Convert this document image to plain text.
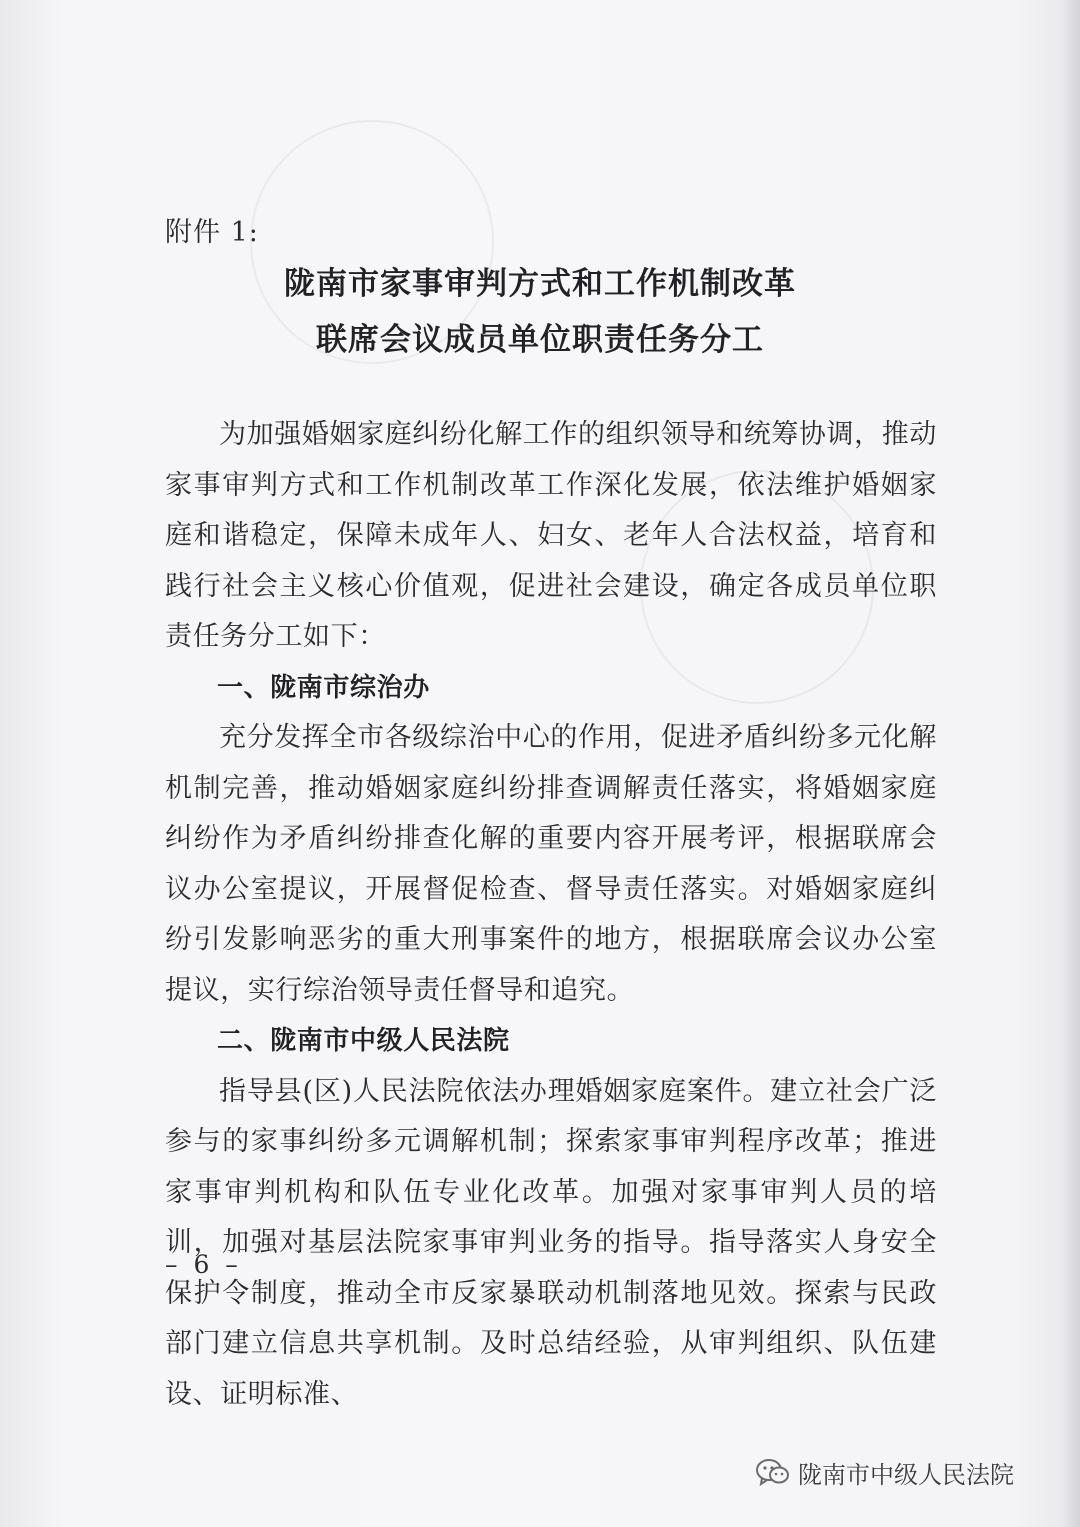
附件 1:
陇南市家事审判方式和工作机制改革
联席会议成员单位职责任务分工

为加强婚姻家庭纠纷化解工作的组织领导和统筹协调，推动家事审判方式和工作机制改革工作深化发展，依法维护婚姻家庭和谐稳定，保障未成年人、妇女、老年人合法权益，培育和践行社会主义核心价值观，促进社会建设，确定各成员单位职责任务分工如下：

一、陇南市综治办

充分发挥全市各级综治中心的作用，促进矛盾纠纷多元化解机制完善，推动婚姻家庭纠纷排查调解责任落实，将婚姻家庭纠纷作为矛盾纠纷排查化解的重要内容开展考评，根据联席会议办公室提议，开展督促检查、督导责任落实。对婚姻家庭纠纷引发影响恶劣的重大刑事案件的地方，根据联席会议办公室提议，实行综治领导责任督导和追究。

二、陇南市中级人民法院

指导县(区)人民法院依法办理婚姻家庭案件。建立社会广泛参与的家事纠纷多元调解机制；探索家事审判程序改革；推进家事审判机构和队伍专业化改革。加强对家事审判人员的培训，加强对基层法院家事审判业务的指导。指导落实人身安全保护令制度，推动全市反家暴联动机制落地见效。探索与民政部门建立信息共享机制。及时总结经验，从审判组织、队伍建设、证明标准、

– 6 –
陇南市中级人民法院
